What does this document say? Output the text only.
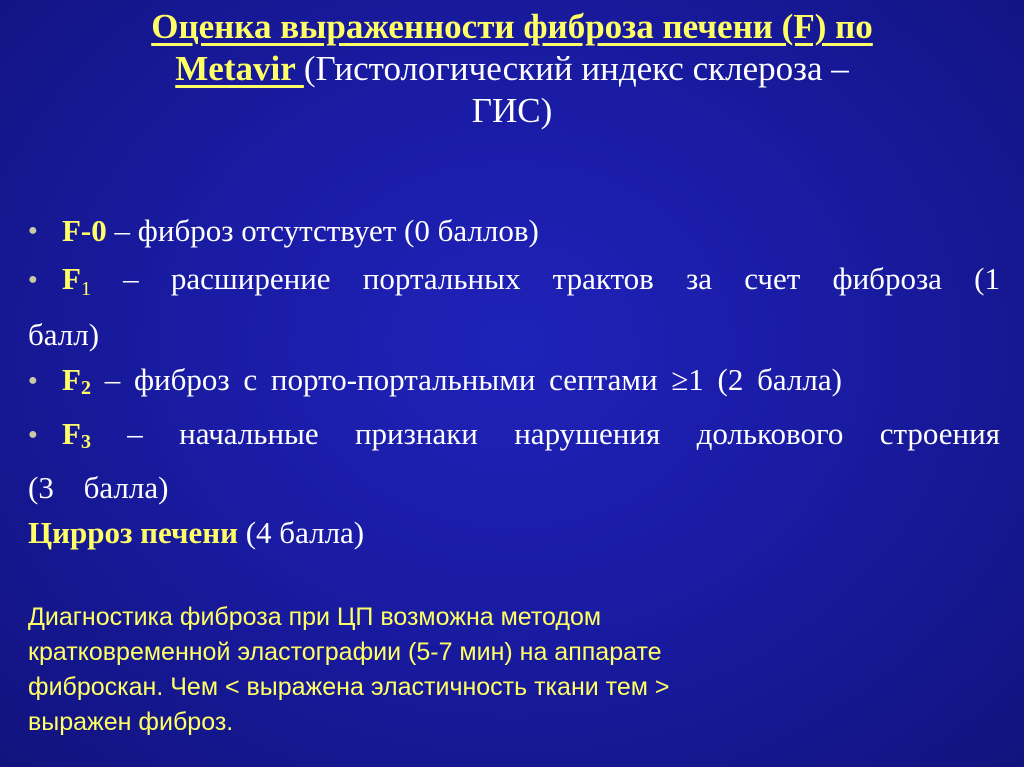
Оценка выраженности фиброза печени (F) по
Metavir (Гистологический индекс склероза –
ГИС)
● F-0 – фиброз отсутствует (0 баллов)
● F1 – расширение портальных трактов за счет фиброза (1 балл)
● $F_2$ – фиброз с порто-портальными септами ≥1 (2 балла)
● $F_3$ – начальные признаки нарушения долькового строения (3 балла)
Цирроз печени (4 балла)
Диагностика фиброза при ЦП возможна методом
кратковременной эластографии (5-7 мин) на аппарате
фиброскан. Чем < выражена эластичность ткани тем >
выражен фиброз.
